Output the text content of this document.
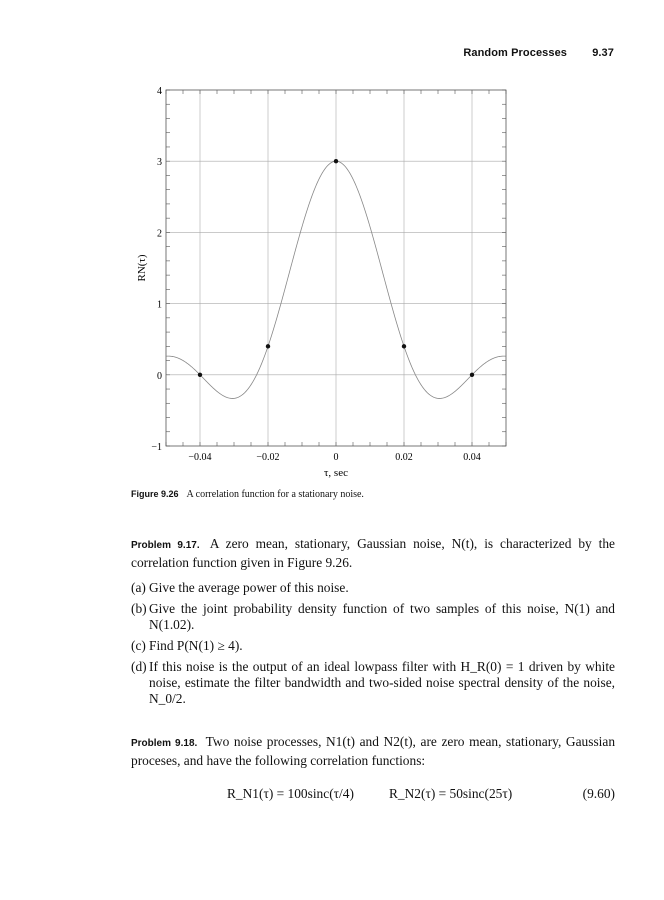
Random Processes 9.37
−0.04	−0.02	0	0.02	0.04
−1
0
1
2
3
4
τ, sec
RN(τ)
Figure 9.26 A correlation function for a stationary noise.
Problem 9.17. A zero mean, stationary, Gaussian noise, N(t), is characterized by the correlation function given in Figure 9.26.
(a) Give the average power of this noise.
(b) Give the joint probability density function of two samples of this noise, N(1) and N(1.02).
(c) Find P(N(1) ≥ 4).
(d) If this noise is the output of an ideal lowpass filter with H_R(0) = 1 driven by white noise, estimate the filter bandwidth and two-sided noise spectral density of the noise, N_0/2.
Problem 9.18. Two noise processes, N1(t) and N2(t), are zero mean, stationary, Gaussian proceses, and have the following correlation functions:
R_N1(τ) = 100sinc(τ/4)	R_N2(τ) = 50sinc(25τ)	(9.60)
